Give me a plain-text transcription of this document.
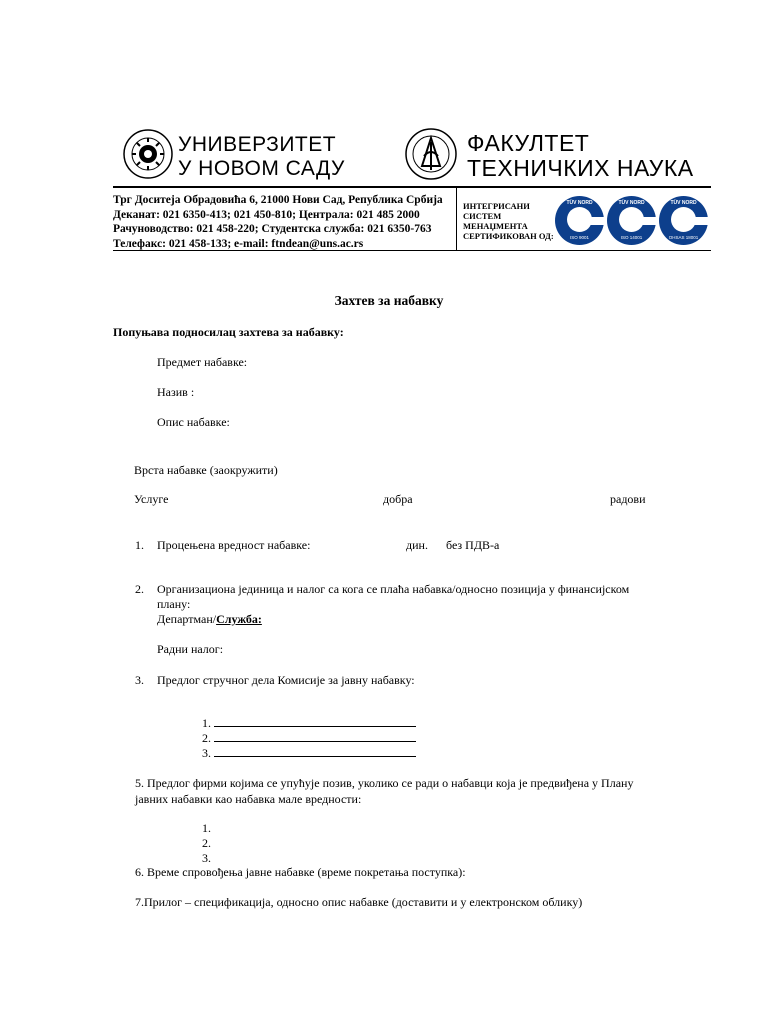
УНИВЕРЗИТЕТ
У НОВОМ САДУ
ФАКУЛТЕТ
ТЕХНИЧКИХ НАУКА
Трг Доситеја Обрадовића 6, 21000 Нови Сад, Република Србија
Деканат: 021 6350-413; 021 450-810; Централа: 021 485 2000
Рачуноводство: 021 458-220; Студентска служба: 021 6350-763
Телефакс: 021 458-133; e-mail: ftndean@uns.ac.rs
ИНТЕГРИСАНИ
СИСТЕМ
МЕНАЏМЕНТА
СЕРТИФИКОВАН ОД:
TÜV NORD
ISO 9001
TÜV NORD
ISO 14001
TÜV NORD
OHSAS 18001
Захтев за набавку
Попуњава подносилац захтева за набавку:
Предмет набавке:
Назив :
Опис набавке:
Врста набавке (заокружити)
Услуге	добра	радови
1. Процењена вредност набавке:	дин. без ПДВ-а
2. Организациона јединица и налог са кога се плаћа набавка/односно позиција у финансијском
плану:
Департман/Служба:
Радни налог:
3. Предлог стручног дела Комисије за јавну набавку:
1.
2.
3.
5. Предлог фирми којима се упућује позив, уколико се ради о набавци која је предвиђена у Плану
јавних набавки као набавка мале вредности:
1.
2.
3.
6. Време спровођења јавне набавке (време покретања поступка):
7.Прилог – спецификација, односно опис набавке (доставити и у електронском облику)
